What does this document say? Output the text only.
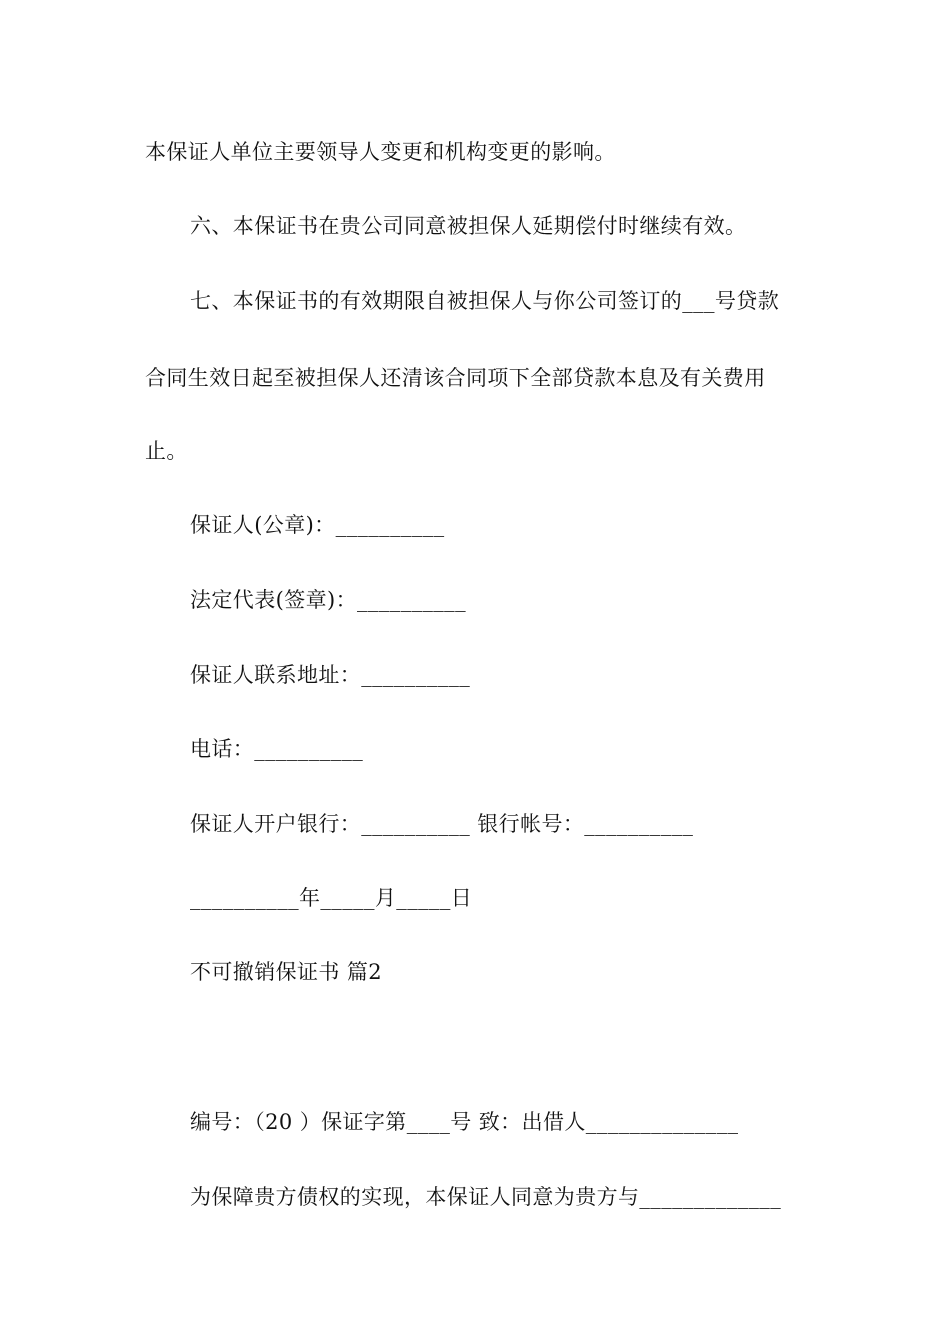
本保证人单位主要领导人变更和机构变更的影响。

六、本保证书在贵公司同意被担保人延期偿付时继续有效。

七、本保证书的有效期限自被担保人与你公司签订的___号贷款

合同生效日起至被担保人还清该合同项下全部贷款本息及有关费用

止。

保证人(公章)：__________

法定代表(签章)：__________

保证人联系地址：__________

电话：__________

保证人开户银行：__________ 银行帐号：__________

__________年_____月_____日

不可撤销保证书 篇2

编号：（20 ）保证字第____号 致：出借人______________

为保障贵方债权的实现，本保证人同意为贵方与_____________
